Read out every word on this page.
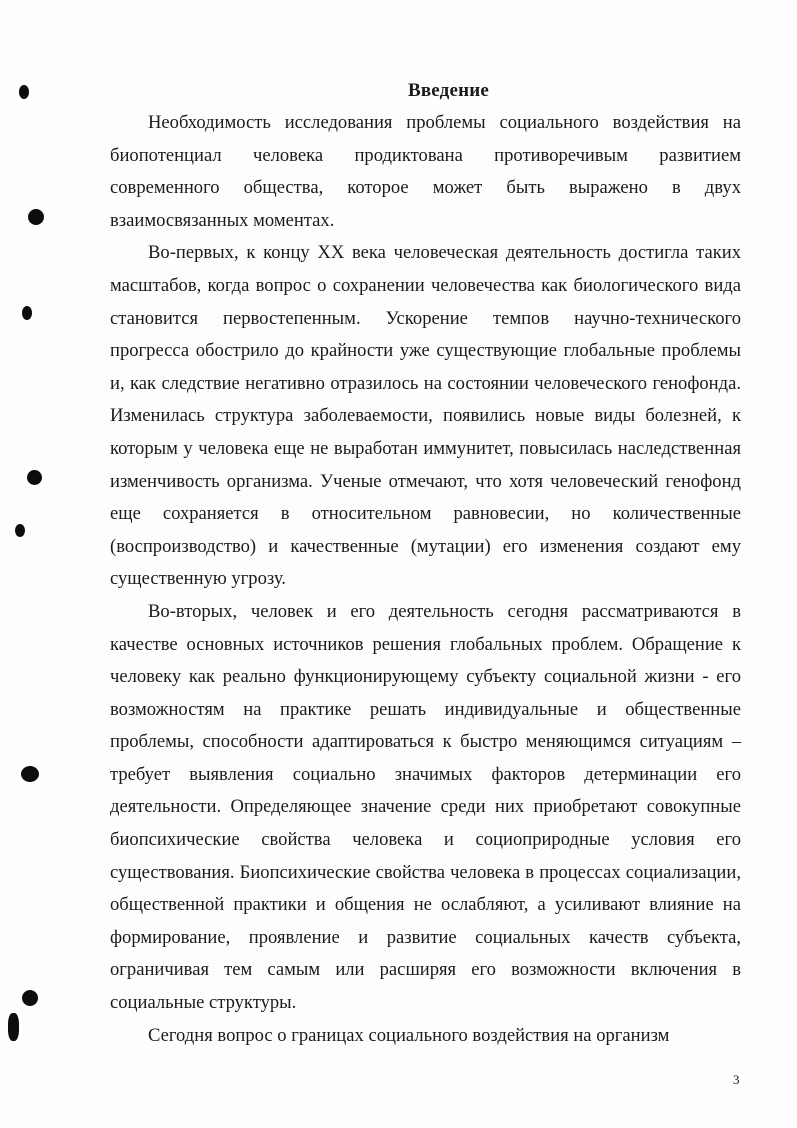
Введение

Необходимость исследования проблемы социального воздействия на биопотенциал человека продиктована противоречивым развитием современного общества, которое может быть выражено в двух взаимосвязанных моментах.

Во-первых, к концу XX века человеческая деятельность достигла таких масштабов, когда вопрос о сохранении человечества как биологического вида становится первостепенным. Ускорение темпов научно-технического прогресса обострило до крайности уже существующие глобальные проблемы и, как следствие негативно отразилось на состоянии человеческого генофонда. Изменилась структура заболеваемости, появились новые виды болезней, к которым у человека еще не выработан иммунитет, повысилась наследственная изменчивость организма. Ученые отмечают, что хотя человеческий генофонд еще сохраняется в относительном равновесии, но количественные (воспроизводство) и качественные (мутации) его изменения создают ему существенную угрозу.

Во-вторых, человек и его деятельность сегодня рассматриваются в качестве основных источников решения глобальных проблем. Обращение к человеку как реально функционирующему субъекту социальной жизни - его возможностям на практике решать индивидуальные и общественные проблемы, способности адаптироваться к быстро меняющимся ситуациям – требует выявления социально значимых факторов детерминации его деятельности. Определяющее значение среди них приобретают совокупные биопсихические свойства человека и социоприродные условия его существования. Биопсихические свойства человека в процессах социализации, общественной практики и общения не ослабляют, а усиливают влияние на формирование, проявление и развитие социальных качеств субъекта, ограничивая тем самым или расширяя его возможности включения в социальные структуры.

Сегодня вопрос о границах социального воздействия на организм

3
